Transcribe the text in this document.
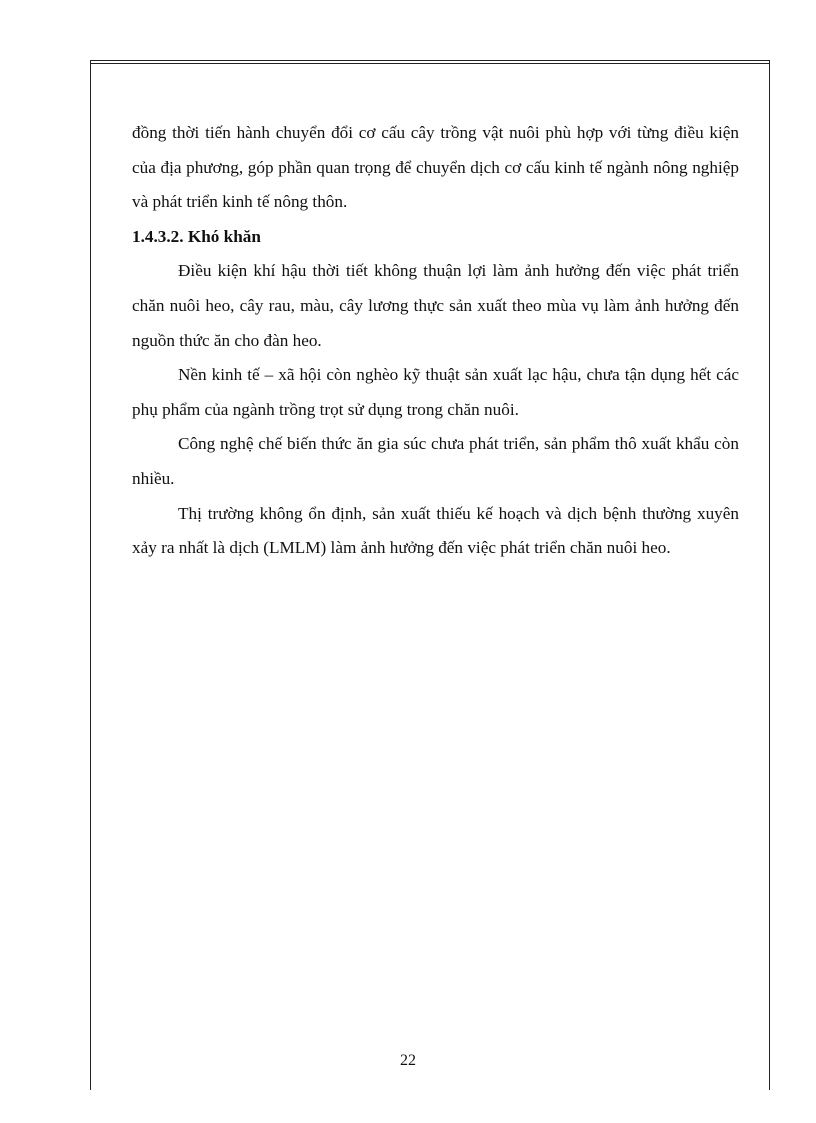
đồng thời tiến hành chuyển đổi cơ cấu cây trồng vật nuôi phù hợp với từng điều kiện của địa phương, góp phần quan trọng để chuyển dịch cơ cấu kinh tế ngành nông nghiệp và phát triển kinh tế nông thôn.

1.4.3.2. Khó khăn

Điều kiện khí hậu thời tiết không thuận lợi làm ảnh hưởng đến việc phát triển chăn nuôi heo, cây rau, màu, cây lương thực sản xuất theo mùa vụ làm ảnh hưởng đến nguồn thức ăn cho đàn heo.

Nền kinh tế – xã hội còn nghèo kỹ thuật sản xuất lạc hậu, chưa tận dụng hết các phụ phẩm của ngành trồng trọt sử dụng trong chăn nuôi.

Công nghệ chế biến thức ăn gia súc chưa phát triển, sản phẩm thô xuất khẩu còn nhiều.

Thị trường không ổn định, sản xuất thiếu kế hoạch và dịch bệnh thường xuyên xảy ra nhất là dịch (LMLM) làm ảnh hưởng đến việc phát triển chăn nuôi heo.

22
